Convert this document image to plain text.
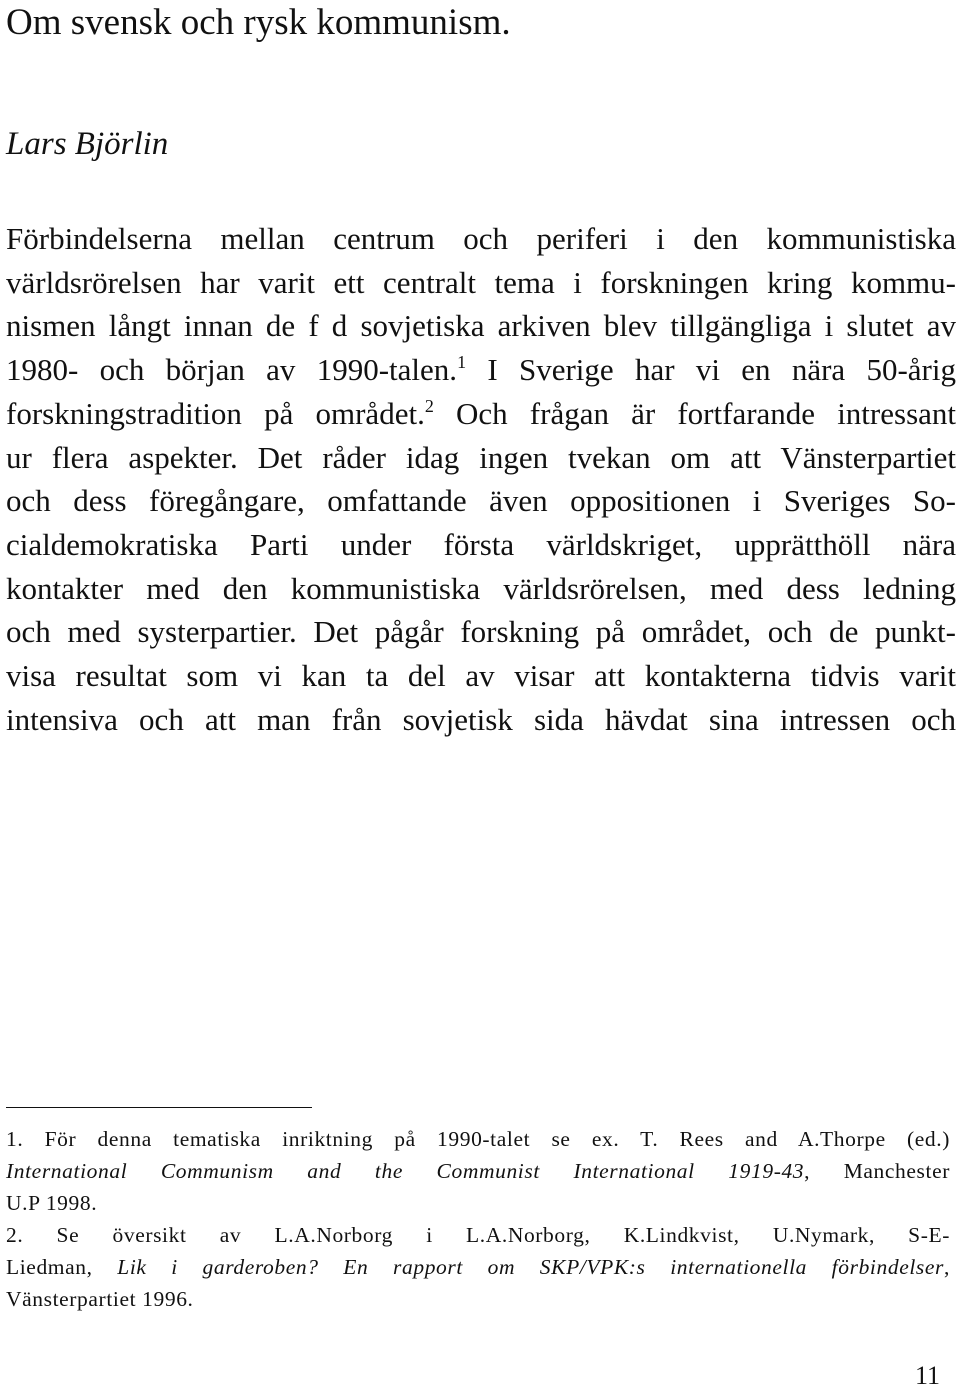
Om svensk och rysk kommunism.
Lars Björlin
Förbindelserna mellan centrum och periferi i den kommunistiska
världsrörelsen har varit ett centralt tema i forskningen kring kommu-
nismen långt innan de f d sovjetiska arkiven blev tillgängliga i slutet av
1980- och början av 1990-talen.$^1$ I Sverige har vi en nära 50-årig
forskningstradition på området.$^2$ Och frågan är fortfarande intressant
ur flera aspekter. Det råder idag ingen tvekan om att Vänsterpartiet
och dess föregångare, omfattande även oppositionen i Sveriges So-
cialdemokratiska Parti under första världskriget, upprätthöll nära
kontakter med den kommunistiska världsrörelsen, med dess ledning
och med systerpartier. Det pågår forskning på området, och de punkt-
visa resultat som vi kan ta del av visar att kontakterna tidvis varit
intensiva och att man från sovjetisk sida hävdat sina intressen och
1. För denna tematiska inriktning på 1990-talet se ex. T. Rees and A.Thorpe (ed.)
International Communism and the Communist International 1919-43, Manchester
U.P 1998.
2. Se översikt av L.A.Norborg i L.A.Norborg, K.Lindkvist, U.Nymark, S-E-
Liedman, Lik i garderoben? En rapport om SKP/VPK:s internationella förbindelser,
Vänsterpartiet 1996.
11
